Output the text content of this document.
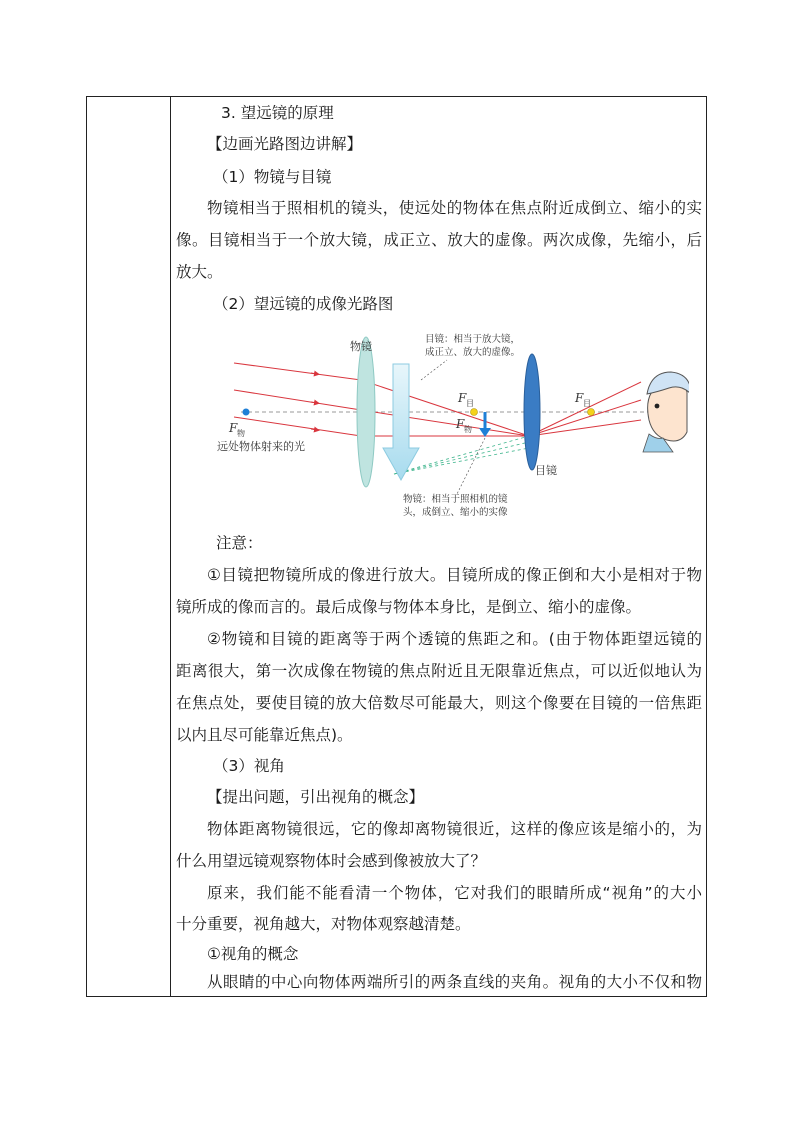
3. 望远镜的原理
【边画光路图边讲解】
（1）物镜与目镜
物镜相当于照相机的镜头，使远处的物体在焦点附近成倒立、缩小的实
像。目镜相当于一个放大镜，成正立、放大的虚像。两次成像，先缩小，后
放大。
（2）望远镜的成像光路图
物镜
目镜
远处物体射来的光
F 物
F 目	F 目
F 物
目镜：相当于放大镜，
成正立、放大的虚像。
物镜：相当于照相机的镜
头，成倒立、缩小的实像
注意：
①目镜把物镜所成的像进行放大。目镜所成的像正倒和大小是相对于物
镜所成的像而言的。最后成像与物体本身比，是倒立、缩小的虚像。
②物镜和目镜的距离等于两个透镜的焦距之和。(由于物体距望远镜的
距离很大，第一次成像在物镜的焦点附近且无限靠近焦点，可以近似地认为
在焦点处，要使目镜的放大倍数尽可能最大，则这个像要在目镜的一倍焦距
以内且尽可能靠近焦点)。
（3）视角
【提出问题，引出视角的概念】
物体距离物镜很远，它的像却离物镜很近，这样的像应该是缩小的，为
什么用望远镜观察物体时会感到像被放大了？
原来，我们能不能看清一个物体，它对我们的眼睛所成“视角”的大小
十分重要，视角越大，对物体观察越清楚。
①视角的概念
从眼睛的中心向物体两端所引的两条直线的夹角。视角的大小不仅和物
